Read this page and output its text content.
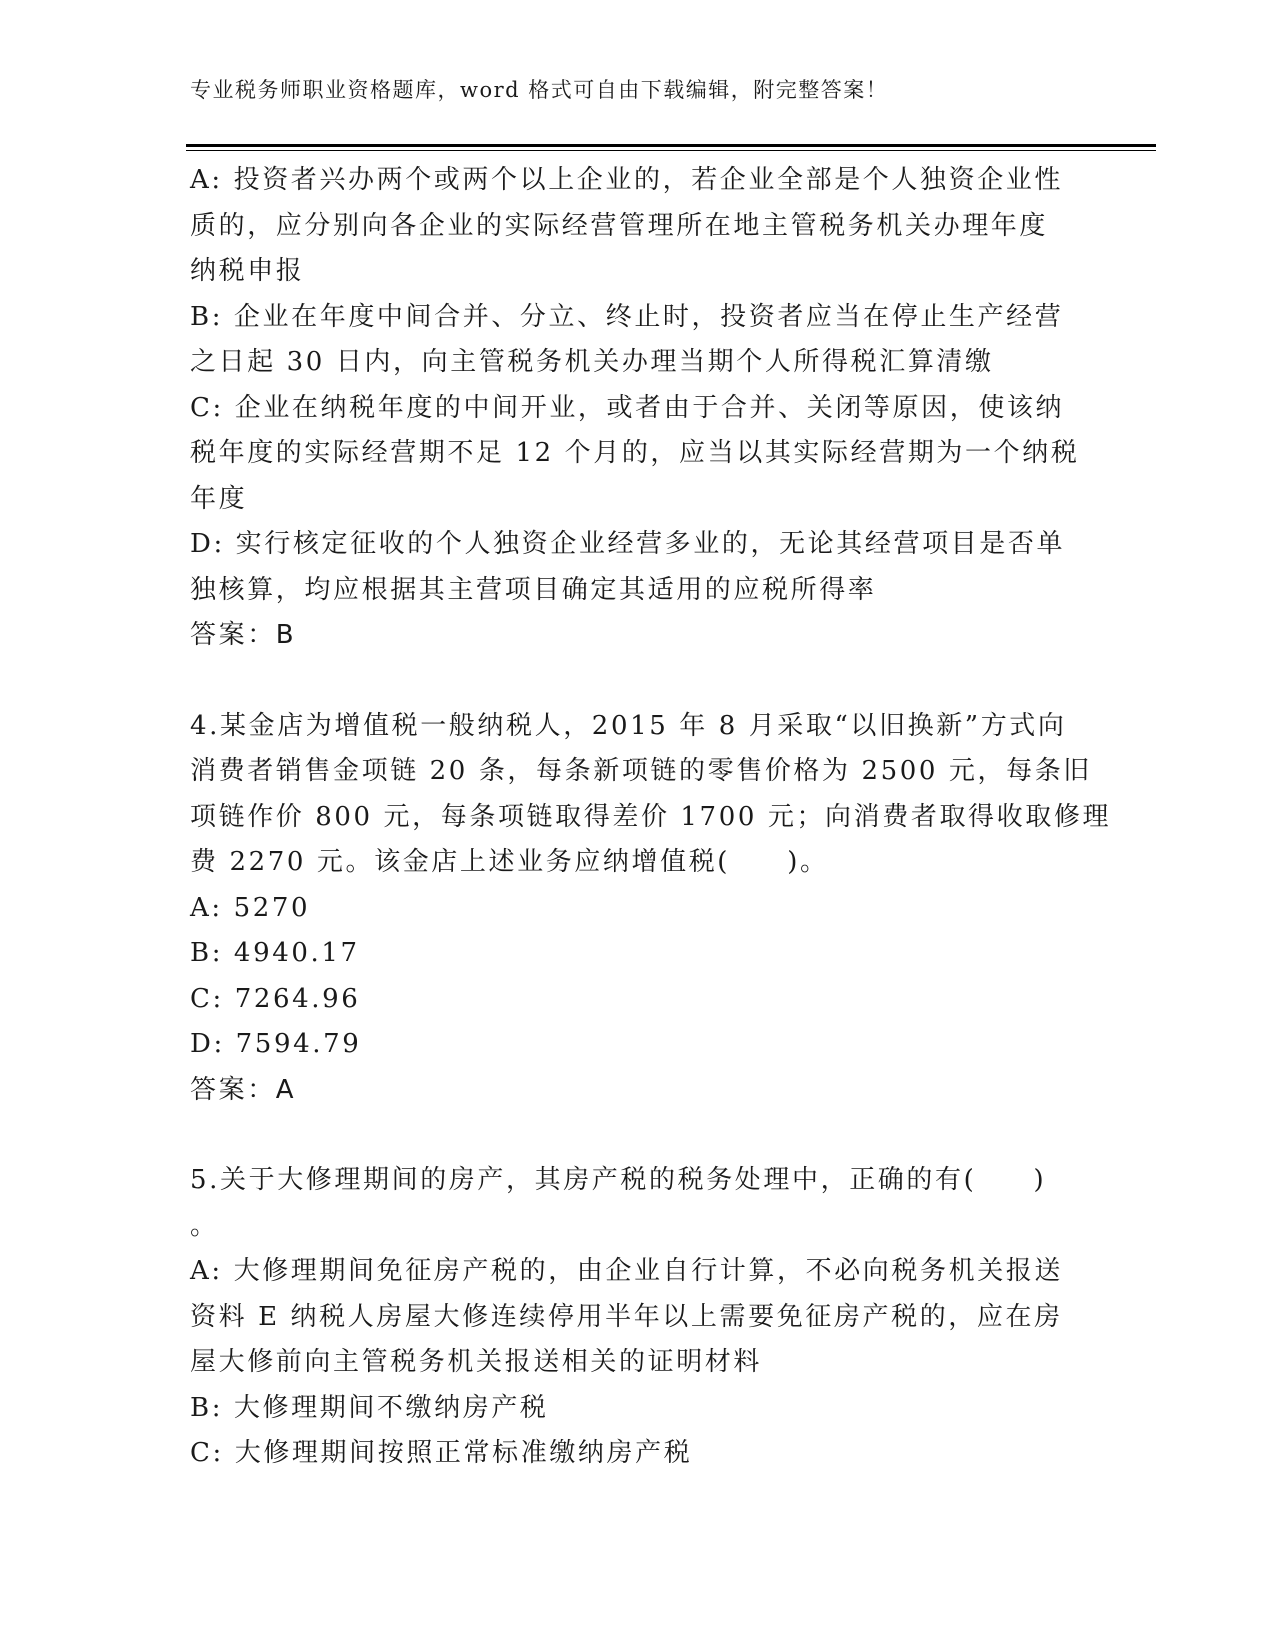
专业税务师职业资格题库，word 格式可自由下载编辑，附完整答案！
A: 投资者兴办两个或两个以上企业的，若企业全部是个人独资企业性
质的，应分别向各企业的实际经营管理所在地主管税务机关办理年度
纳税申报
B: 企业在年度中间合并、分立、终止时，投资者应当在停止生产经营
之日起 30 日内，向主管税务机关办理当期个人所得税汇算清缴
C: 企业在纳税年度的中间开业，或者由于合并、关闭等原因，使该纳
税年度的实际经营期不足 12 个月的，应当以其实际经营期为一个纳税
年度
D: 实行核定征收的个人独资企业经营多业的，无论其经营项目是否单
独核算，均应根据其主营项目确定其适用的应税所得率
答案：B
4.某金店为增值税一般纳税人，2015 年 8 月采取“以旧换新”方式向
消费者销售金项链 20 条，每条新项链的零售价格为 2500 元，每条旧
项链作价 800 元，每条项链取得差价 1700 元；向消费者取得收取修理
费 2270 元。该金店上述业务应纳增值税(　　)。
A: 5270
B: 4940.17
C: 7264.96
D: 7594.79
答案：A
5.关于大修理期间的房产，其房产税的税务处理中，正确的有(　　)
。
A: 大修理期间免征房产税的，由企业自行计算，不必向税务机关报送
资料 E 纳税人房屋大修连续停用半年以上需要免征房产税的，应在房
屋大修前向主管税务机关报送相关的证明材料
B: 大修理期间不缴纳房产税
C: 大修理期间按照正常标准缴纳房产税
